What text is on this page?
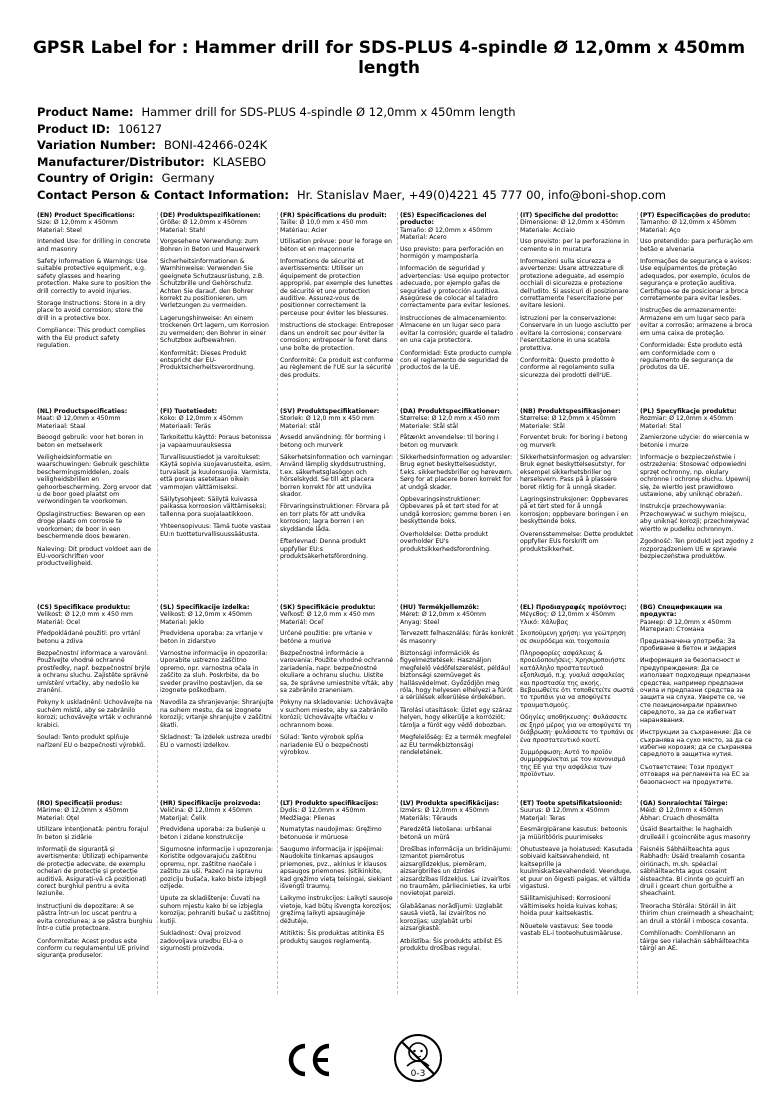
GPSR Label for : Hammer drill for SDS-PLUS 4-spindle Ø 12,0mm x 450mm length
Product Name: Hammer drill for SDS-PLUS 4-spindle Ø 12,0mm x 450mm length
Product ID: 106127
Variation Number: BONI-42466-024K
Manufacturer/Distributor: KLASEBO
Country of Origin: Germany
Contact Person & Contact Information: Hr. Stanislav Maer, +49(0)4221 45 777 00, info@boni-shop.com
(EN) Product Specifications:

Size: Ø 12,0mm x 450mm

Material: Steel

Intended Use: for drilling in concrete and masonry

Safety Information & Warnings: Use suitable protective equipment, e.g. safety glasses and hearing protection. Make sure to position the drill correctly to avoid injuries.

Storage Instructions: Store in a dry place to avoid corrosion; store the drill in a protective box.

Compliance: This product complies with the EU product safety regulation.

(DE) Produktspezifikationen:

Größe: Ø 12,0mm x 450mm

Material: Stahl

Vorgesehene Verwendung: zum Bohren in Beton und Mauerwerk

Sicherheitsinformationen & Warnhinweise: Verwenden Sie geeignete Schutzausrüstung, z.B. Schutzbrille und Gehörschutz. Achten Sie darauf, den Bohrer korrekt zu positionieren, um Verletzungen zu vermeiden.

Lagerungshinweise: An einem trockenen Ort lagern, um Korrosion zu vermeiden; den Bohrer in einer Schutzbox aufbewahren.

Konformität: Dieses Produkt entspricht der EU-Produktsicherheitsverordnung.

(FR) Spécifications du produit:

Taille: Ø 10,0 mm x 450 mm

Matériau: Acier

Utilisation prévue: pour le forage en béton et en maçonnerie

Informations de sécurité et avertissements: Utiliser un équipement de protection approprié, par exemple des lunettes de sécurité et une protection auditive. Assurez-vous de positionner correctement la perceuse pour éviter les blessures.

Instructions de stockage: Entreposer dans un endroit sec pour éviter la corrosion; entreposer le foret dans une boîte de protection.

Conformité: Ce produit est conforme au règlement de l'UE sur la sécurité des produits.

(ES) Especificaciones del producto:

Tamaño: Ø 12,0mm x 450mm

Material: Acero

Uso previsto: para perforación en hormigón y mampostería

Información de seguridad y advertencias: Use equipo protector adecuado, por ejemplo gafas de seguridad y protección auditiva. Asegúrese de colocar el taladro correctamente para evitar lesiones.

Instrucciones de almacenamiento: Almacene en un lugar seco para evitar la corrosión; guarde el taladro en una caja protectora.

Conformidad: Este producto cumple con el reglamento de seguridad de productos de la UE.

(IT) Specifiche del prodotto:

Dimensione: Ø 12,0mm x 450mm

Materiale: Acciaio

Uso previsto: per la perforazione in cemento e in muratura

Informazioni sulla sicurezza e avvertenze: Usare attrezzature di protezione adeguate, ad esempio occhiali di sicurezza e protezione dell'udito. Si assicuri di posizionare correttamente l'esercitazione per evitare lesioni.

Istruzioni per la conservazione: Conservare in un luogo asciutto per evitare la corrosione; conservare l'esercitazione in una scatola protettiva.

Conformità: Questo prodotto è conforme al regolamento sulla sicurezza dei prodotti dell'UE.

(PT) Especificações do produto:

Tamanho: Ø 12,0mm x 450mm

Material: Aço

Uso pretendido: para perfuração em betão e alvenaria

Informações de segurança e avisos: Use equipamentos de proteção adequados, por exemplo, óculos de segurança e proteção auditiva. Certifique-se de posicionar a broca corretamente para evitar lesões.

Instruções de armazenamento: Armazene em um lugar seco para evitar a corrosão; armazene a broca em uma caixa de proteção.

Conformidade: Este produto está em conformidade com o regulamento de segurança de produtos da UE.

(NL) Productspecificaties:

Maat: Ø 12,0mm x 450mm

Materiaal: Staal

Beoogd gebruik: voor het boren in beton en metselwerk

Veiligheidsinformatie en waarschuwingen: Gebruik geschikte beschermingsmiddelen, zoals veiligheidsbrillen en gehoorbescherming. Zorg ervoor dat u de boor goed plaatst om verwondingen te voorkomen.

Opslaginstructies: Bewaren op een droge plaats om corrosie te voorkomen; de boor in een beschermende doos bewaren.

Naleving: Dit product voldoet aan de EU-voorschriften voor productveiligheid.

(FI) Tuotetiedot:

Koko: Ø 12,0mm x 450mm

Materiaali: Teräs

Tarkoitettu käyttö: Poraus betonissa ja vapaamuurauksessa

Turvallisuustiedot ja varoitukset: Käytä sopivia suojavarusteita, esim. turvalasit ja kuulonsuojia. Varmista, että poraus asetetaan oikein vammojen välttämiseksi.

Säilytysohjeet: Säilytä kuivassa paikassa korroosion välttämiseksi; tallenna pora suojalaatikkoon.

Yhteensopivuus: Tämä tuote vastaa EU:n tuotteturvallisuussäätusta.

(SV) Produktspecifikationer:

Storlek: Ø 12,0 mm x 450 mm

Material: stål

Avsedd användning: för borrning i betong och murverk

Säkerhetsinformation och varningar: Använd lämplig skyddsutrustning, t.ex. säkerhetsglasögon och hörselskydd. Se till att placera borren korrekt för att undvika skador.

Förvaringsinstruktioner: Förvara på en torr plats för att undvika korrosion; lagra borren i en skyddande låda.

Efterlevnad: Denna produkt uppfyller EU:s produktsäkerhetsförordning.

(DA) Produktspecifikationer:

Størrelse: Ø 12,0 mm x 450 mm

Materiale: Stål stål

Påtænkt anvendelse: til boring i beton og murværk

Sikkerhedsinformation og advarsler: Brug egnet beskyttelsesudstyr, f.eks. sikkerhedsbriller og høreværn. Sørg for at placere boren korrekt for at undgå skader.

Opbevaringsinstruktioner: Opbevares på et tørt sted for at undgå korrosion; gemme boren i en beskyttende boks.

Overholdelse: Dette produkt overholder EU's produktsikkerhedsforordning.

(NB) Produktspesifikasjoner:

Størrelse: Ø 12,0mm x 450mm

Materiale: Stål

Forventet bruk: for boring i betong og murverk

Sikkerhetsinformasjon og advarsler: Bruk egnet beskyttelsesutstyr, for eksempel sikkerhetsbriller og hørselsvern. Pass på å plassere boret riktig for å unngå skader.

Lagringsinstruksjoner: Oppbevares på et tørt sted for å unngå korrosjon; oppbevare boringen i en beskyttende boks.

Overensstemmelse: Dette produktet oppfyller EUs forskrift om produktsikkerhet.

(PL) Specyfikacje produktu:

Rozmiar: Ø 12,0mm x 450mm

Materiał: Stal

Zamierzone użycie: do wiercenia w betonie i murze

Informacje o bezpieczeństwie i ostrzeżenia: Stosować odpowiedni sprzęt ochronny, np. okulary ochronne i ochronę słuchu. Upewnij się, że wiertło jest prawidłowo ustawione, aby uniknąć obrażeń.

Instrukcje przechowywania: Przechowywać w suchym miejscu, aby uniknąć korozji; przechowywać wiertło w pudełku ochronnym.

Zgodność: Ten produkt jest zgodny z rozporządzeniem UE w sprawie bezpieczeństwa produktów.

(CS) Specifikace produktu:

Velikost: Ø 12,0 mm x 450 mm

Materiál: Ocel

Předpokládané použití: pro vrtání betonu a zdiva

Bezpečnostní informace a varování: Používejte vhodné ochranné prostředky, např. bezpečnostní brýle a ochranu sluchu. Zajistěte správné umístění vrtačky, aby nedošlo ke zranění.

Pokyny k uskladnění: Uchovávejte na suchém místě, aby se zabránilo korozi; uchovávejte vrták v ochranné krabici.

Soulad: Tento produkt splňuje nařízení EU o bezpečnosti výrobků.

(SL) Specifikacije izdelka:

Velikost: Ø 12,0mm x 450mm

Material: Jeklo

Predvidena uporaba: za vrtanje v beton in zidarstvo

Varnostne informacije in opozorila: Uporabite ustrezno zaščitno opremo, npr. varnostna očala in zaščito za sluh. Poskrbite, da bo sveder pravilno postavljen, da se izognete poškodbam.

Navodila za shranjevanje: Shranjujte na suhem mestu, da se izognete koroziji; vrtanje shranjujte v zaščitni škatli.

Skladnost: Ta izdelek ustreza uredbi EU o varnosti izdelkov.

(SK) Špecifikácie produktu:

Veľkosť: Ø 12,0 mm x 450 mm

Materiál: Oceľ

Určené použitie: pre vŕtanie v betóne a murive

Bezpečnostné informácie a varovania: Použite vhodné ochranné zariadenia, napr. bezpečnostné okuliare a ochranu sluchu. Uistite sa, že správne umiestnite vŕták, aby sa zabránilo zraneniam.

Pokyny na skladovanie: Uchovávajte v suchom mieste, aby sa zabránilo korózii; Uchovávajte vŕtačku v ochrannom boxe.

Súlad: Tento výrobok spĺňa nariadenie EÚ o bezpečnosti výrobkov.

(HU) Termékjellemzők:

Méret: Ø 12,0mm x 450mm

Anyag: Steel

Tervezett felhasználás: fúrás konkrét és masonry

Biztonsági információk és figyelmeztetések: Használjon megfelelő védőfelszerelést, például biztonsági szemüveget és hallásvédelmet. Győződjön meg róla, hogy helyesen elhelyezi a fúrót a sérülések elkerülése érdekében.

Tárolási utasítások: Üzlet egy száraz helyen, hogy elkerülje a korróziót; tárolja a fúrót egy védő dobozban.

Megfelelőség: Ez a termék megfelel az EU termékbiztonsági rendeletének.

(EL) Προδιαγραφές προϊόντος:

Μέγεθος: Ø 12,0mm x 450mm

Υλικό: Χάλυβας

Σκοπούμενη χρήση: για γεώτρηση σε σκυρόδεμα και τοιχοποιία

Πληροφορίες ασφάλειας & προειδοποιήσεις: Χρησιμοποιήστε κατάλληλο προστατευτικό εξοπλισμό, π.χ. γυαλιά ασφαλείας και προστασία της ακοής. Βεβαιωθείτε ότι τοποθετείτε σωστά το τρυπάνι για να αποφύγετε τραυματισμούς.

Οδηγίες αποθήκευσης: Φυλάσσετε σε ξηρό μέρος για να αποφύγετε τη διάβρωση· φυλάσσετε το τρυπάνι σε ένα προστατευτικό κουτί.

Συμμόρφωση: Αυτό το προϊόν συμμορφώνεται με τον κανονισμό της ΕΕ για την ασφάλεια των προϊόντων.

(BG) Спецификации на продукта:

Размер: Ø 12,0mm x 450mm

Материал: Стомана

Предназначена употреба: За пробиване в бетон и зидария

Информация за безопасност и предупреждения: Да се използват подходящи предпазни средства, например предпазни очила и предпазни средства за защита на слуха. Уверете се, че сте позиционирали правилно свредлото, за да се избегнат наранявания.

Инструкции за съхранение: Да се съхранява на сухо място, за да се избегне корозия; да се съхранява свредлото в защитна кутия.

Съответствие: Този продукт отговаря на регламента на ЕС за безопасност на продуктите.

(RO) Specificații produs:

Mărime: Ø 12,0mm x 450mm

Material: Oțel

Utilizare intenționată: pentru forajul în beton și zidărie

Informații de siguranță și avertismente: Utilizați echipamente de protecție adecvate, de exemplu ochelari de protecție și protecție auditivă. Asigurați-vă că poziționați corect burghiul pentru a evita leziunile.

Instrucțiuni de depozitare: A se păstra într-un loc uscat pentru a evita coroziunea; a se păstra burghiu într-o cutie protectoare.

Conformitate: Acest produs este conform cu regulamentul UE privind siguranța produselor.

(HR) Specifikacije proizvoda:

Veličina: Ø 12,0mm x 450mm

Materijal: Čelik

Predviđena uporaba: za bušenje u beton i zidane konstrukcije

Sigurnosne informacije i upozorenja: Koristite odgovarajuću zaštitnu opremu, npr. zaštitne naočale i zaštitu za uši. Pazeći na ispravnu poziciju bušača, kako biste izbjegli ozljede.

Upute za skladištenje: Čuvati na suhom mjestu kako bi se izbjegla korozija; pohraniti bušač u zaštitnoj kutiji.

Sukladnost: Ovaj proizvod zadovoljava uredbu EU-a o sigurnosti proizvoda.

(LT) Produkto specifikacijos:

Dydis: Ø 12,0mm x 450mm

Medžiaga: Plienas

Numatytas naudojimas: Gręžimo betonuose ir mūruose

Saugumo informacija ir įspėjimai: Naudokite tinkamas apsaugos priemones, pvz., akinius ir klausos apsaugos priemones. Įsitikinkite, kad gręžimo vietą teisingai, siekiant išvengti traumų.

Laikymo instrukcijos: Laikyti sausoje vietoje, kad būtų išvengta korozijos; gręžimą laikyti apsauginėje dėžutėje.

Atitiktis: Šis produktas atitinka ES produktų saugos reglamentą.

(LV) Produkta specifikācijas:

Izmērs: Ø 12,0mm x 450mm

Materiāls: Tērauds

Paredzētā lietošana: urbšanai betonā un mūrā

Drošības informācija un brīdinājumi: Izmantot piemērotus aizsarglīdzekļus, piemēram, aizsargbrilles un dzirdes aizsardzības līdzekļus. Lai izvairītos no traumām, pārliecinieties, ka urbi novietojat pareizi.

Glabāšanas norādījumi: Uzglabāt sausā vietā, lai izvairītos no korozijas; uzglabāt urbi aizsargkastē.

Atbilstība: Šis produkts atbilst ES produktu drošības regulai.

(ET) Toote spetsifikatsioonid:

Suurus: Ø 12,0mm x 450mm

Materjal: Teras

Eesmärgipärane kasutus: betoonis ja müüritööris puurimiseks

Ohutusteave ja hoiatused: Kasutada sobivaid kaitsevahendeid, nt kaitseprille ja kuulmiskaitsevahendeid. Veenduge, et puur on õigesti paigas, et vältida vigastusi.

Säilitamisjuhised: Korrosiooni vältimiseks hoida kuivas kohas; hoida puur kaitsekastis.

Nõuetele vastavus: See toode vastab EL-i tooteohutusmääruse.

(GA) Sonraíochtaí Táirge:

Méid: Ø 12,0mm x 450mm

Ábhar: Cruach dhosmálta

Úsáid Beartaithe: le haghaidh druileáil i gcoincréite agus masonry

Faisnéis Sábháilteachta agus Rabhadh: Úsáid trealamh cosanta oiriúnach, m.sh. spéaclaí sábháilteachta agus cosaint éisteachta. Bí cinnte go gcuirfí an druil i gceart chun gortuithe a sheachaint.

Treoracha Stórála: Stóráil in áit thirim chun creimeadh a sheachaint; an druil a stóráil i mbosca cosanta.

Comhlíonadh: Comhlíonann an táirge seo rialachán sábháilteachta táirgí an AE.

0-3
